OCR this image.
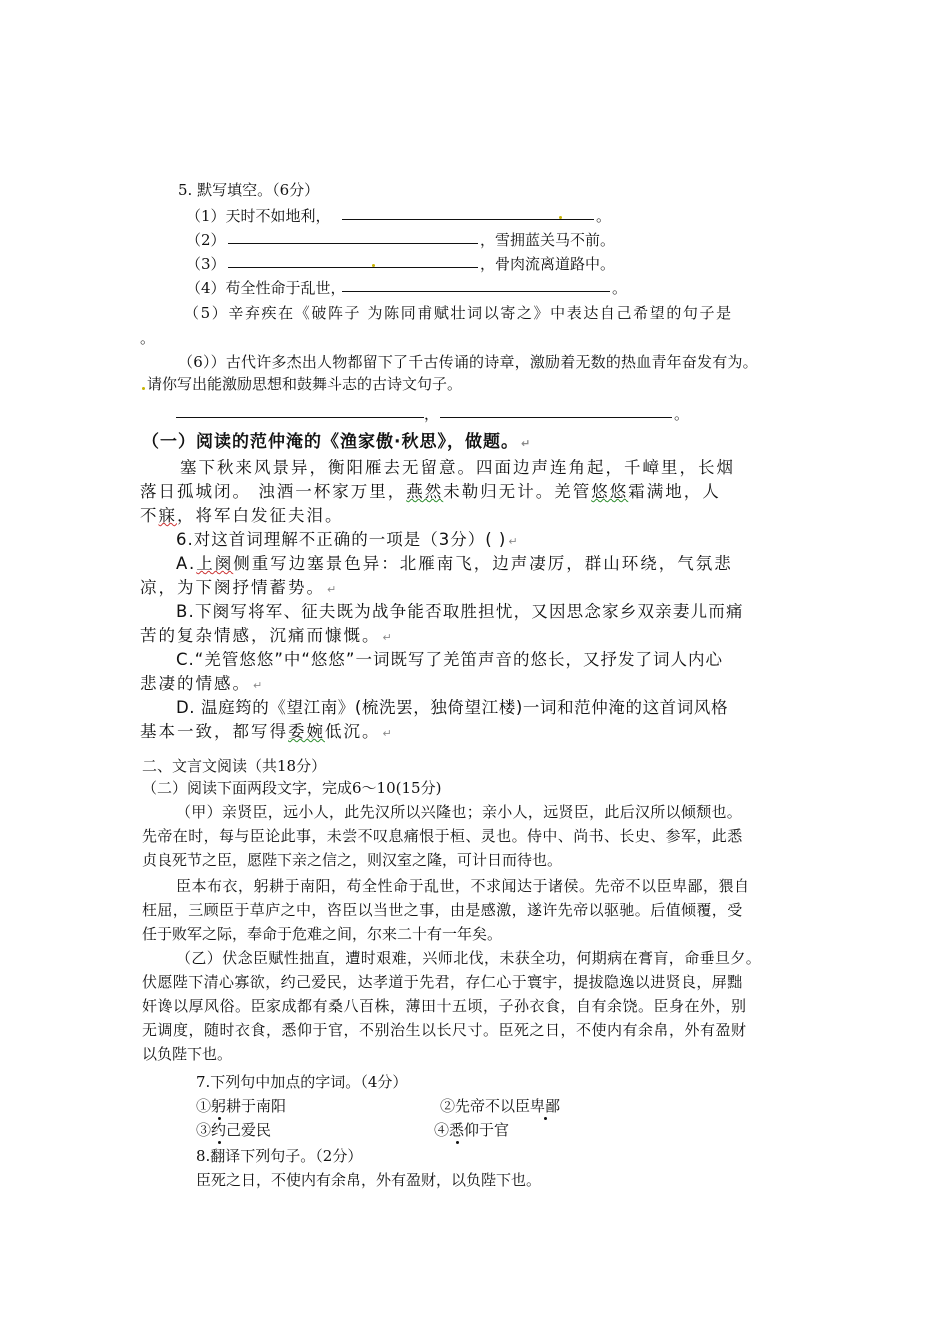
5. 默写填空。（6分）
（1）天时不如地利，	。
（2）	，雪拥蓝关马不前。
（3）	，骨肉流离道路中。
（4）苟全性命于乱世，	。
（5）辛弃疾在《破阵子 为陈同甫赋壮词以寄之》中表达自己希望的句子是
。
（6））古代许多杰出人物都留下了千古传诵的诗章，激励着无数的热血青年奋发有为。
请你写出能激励思想和鼓舞斗志的古诗文句子。
，	。
（一）阅读的范仲淹的《渔家傲·秋思》，做题。 ↵
塞下秋来风景异，衡阳雁去无留意。四面边声连角起，千嶂里，长烟
落日孤城闭。 浊酒一杯家万里，燕然未勒归无计。羌管悠悠霜满地，人
不寐，将军白发征夫泪。
6.对这首词理解不正确的一项是（3分）( ) ↵
A.上阕侧重写边塞景色异：北雁南飞，边声凄厉，群山环绕，气氛悲
凉，为下阕抒情蓄势。 ↵
B.下阕写将军、征夫既为战争能否取胜担忧，又因思念家乡双亲妻儿而痛
苦的复杂情感，沉痛而慷慨。 ↵
C.“羌管悠悠”中“悠悠”一词既写了羌笛声音的悠长，又抒发了词人内心
悲凄的情感。 ↵
D. 温庭筠的《望江南》(梳洗罢，独倚望江楼)一词和范仲淹的这首词风格
基本一致，都写得委婉低沉。 ↵
二、文言文阅读（共18分）
（二）阅读下面两段文字，完成6～10(15分)
（甲）亲贤臣，远小人，此先汉所以兴隆也；亲小人，远贤臣，此后汉所以倾颓也。
先帝在时，每与臣论此事，未尝不叹息痛恨于桓、灵也。侍中、尚书、长史、参军，此悉
贞良死节之臣，愿陛下亲之信之，则汉室之隆，可计日而待也。
臣本布衣，躬耕于南阳，苟全性命于乱世，不求闻达于诸侯。先帝不以臣卑鄙，猥自
枉屈，三顾臣于草庐之中，咨臣以当世之事，由是感激，遂许先帝以驱驰。后值倾覆，受
任于败军之际，奉命于危难之间，尔来二十有一年矣。
（乙）伏念臣赋性拙直，遭时艰难，兴师北伐，未获全功，何期病在膏肓，命垂旦夕。
伏愿陛下清心寡欲，约己爱民，达孝道于先君，存仁心于寰宇，提拔隐逸以进贤良，屏黜
奸谗以厚风俗。臣家成都有桑八百株，薄田十五顷，子孙衣食，自有余饶。臣身在外，别
无调度，随时衣食，悉仰于官，不别治生以长尺寸。臣死之日，不使内有余帛，外有盈财
以负陛下也。
7.下列句中加点的字词。（4分）
①躬耕于南阳	②先帝不以臣卑鄙
③约己爱民	④悉仰于官
8.翻译下列句子。（2分）
臣死之日，不使内有余帛，外有盈财，以负陛下也。
